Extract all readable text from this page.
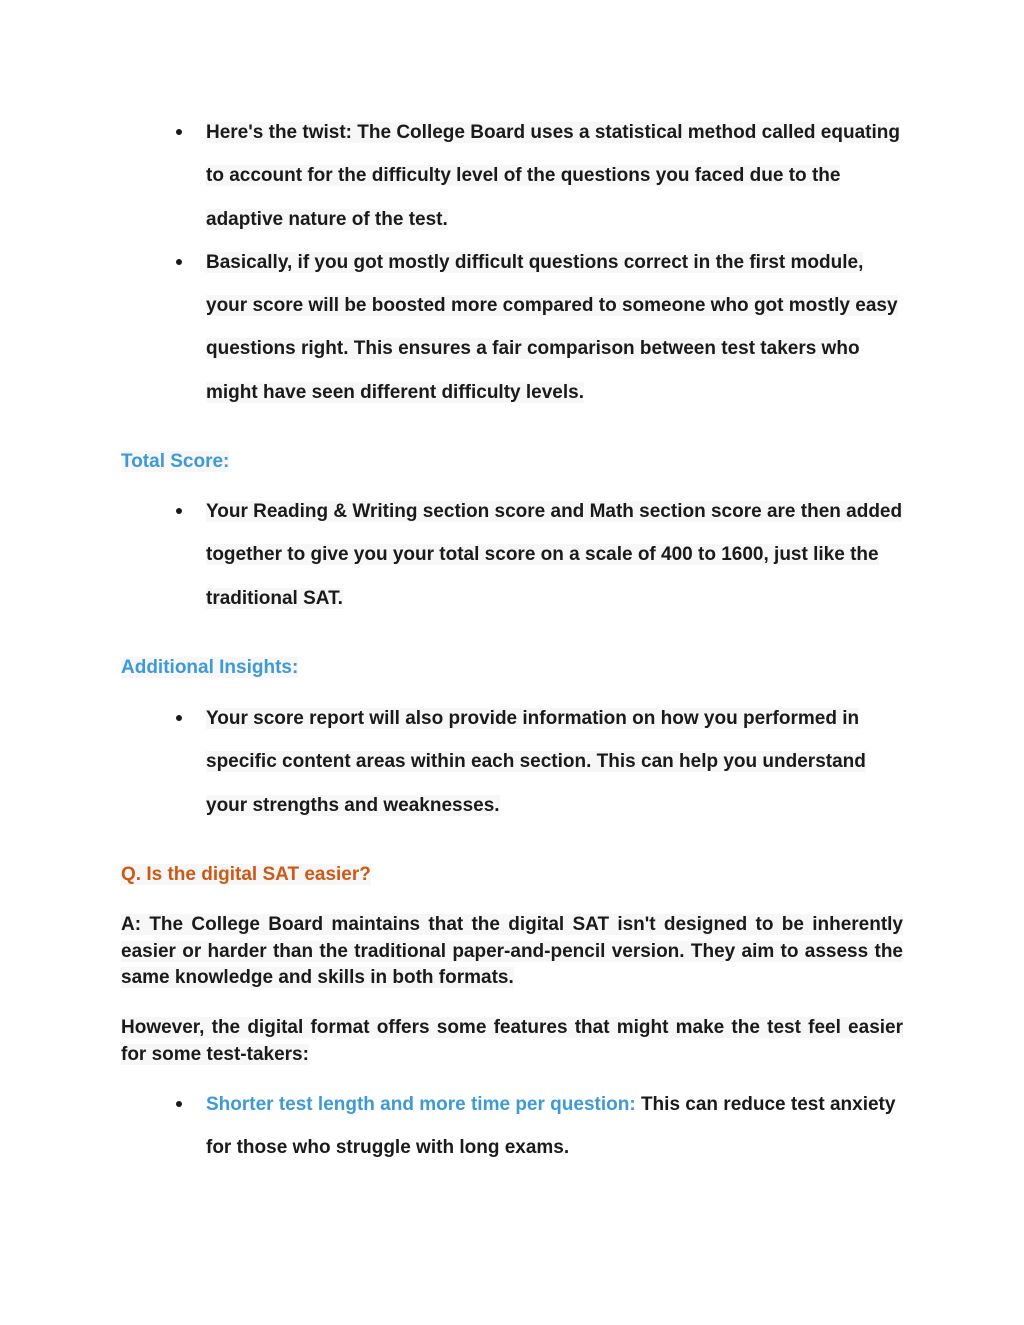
Here's the twist: The College Board uses a statistical method called equating to account for the difficulty level of the questions you faced due to the adaptive nature of the test.
Basically, if you got mostly difficult questions correct in the first module, your score will be boosted more compared to someone who got mostly easy questions right. This ensures a fair comparison between test takers who might have seen different difficulty levels.
Total Score:
Your Reading & Writing section score and Math section score are then added together to give you your total score on a scale of 400 to 1600, just like the traditional SAT.
Additional Insights:
Your score report will also provide information on how you performed in specific content areas within each section. This can help you understand your strengths and weaknesses.
Q. Is the digital SAT easier?

A: The College Board maintains that the digital SAT isn't designed to be inherently easier or harder than the traditional paper-and-pencil version. They aim to assess the same knowledge and skills in both formats.

However, the digital format offers some features that might make the test feel easier for some test-takers:

Shorter test length and more time per question: This can reduce test anxiety for those who struggle with long exams.
